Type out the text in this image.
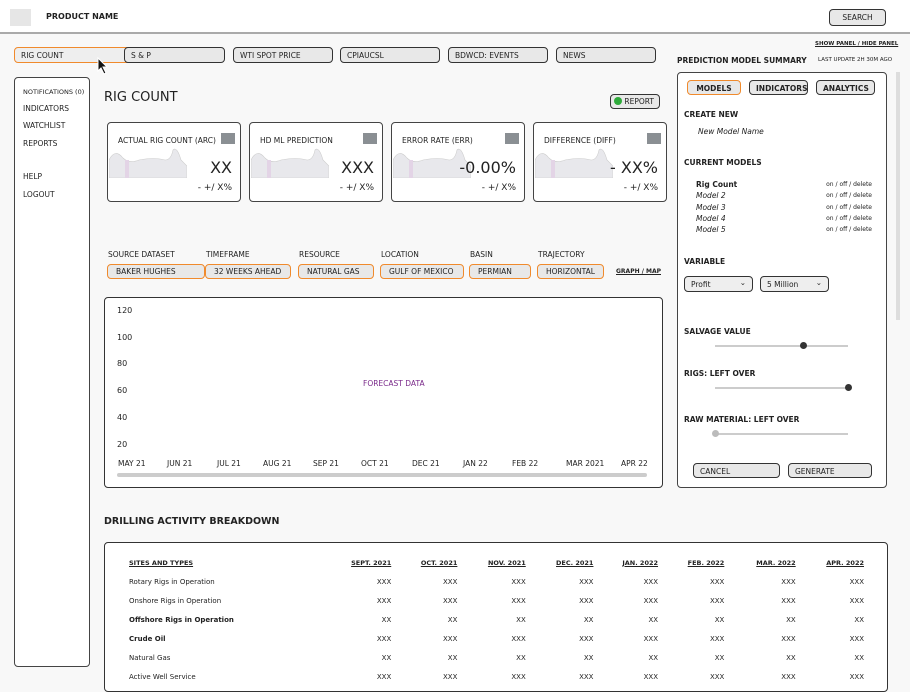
PRODUCT NAME	SEARCH
RIG COUNT	S & P	WTI SPOT PRICE	CPIAUCSL	BDWCD: EVENTS	NEWS
NOTIFICATIONS (0)
INDICATORS
WATCHLIST
REPORTS
HELP
LOGOUT
RIG COUNT	REPORT
ACTUAL RIG COUNT (ARC)
XX
- +/ X%
HD ML PREDICTION
XXX
- +/ X%
ERROR RATE (ERR)
-0.00%
- +/ X%
DIFFERENCE (DIFF)
- XX%
- +/ X%
SOURCE DATASET
BAKER HUGHES
TIMEFRAME
32 WEEKS AHEAD
RESOURCE
NATURAL GAS
LOCATION
GULF OF MEXICO
BASIN
PERMIAN
TRAJECTORY
HORIZONTAL	GRAPH / MAP
120
100
80
60
40
20
FORECAST DATA
MAY 21	JUN 21	JUL 21	AUG 21	SEP 21	OCT 21	DEC 21	JAN 22	FEB 22	MAR 2021 APR 22
SHOW PANEL / HIDE PANEL
PREDICTION MODEL SUMMARY LAST UPDATE 2H 30M AGO
MODELS	INDICATORS	ANALYTICS
CREATE NEW
New Model Name
CURRENT MODELS
Rig Count	on / off / delete
Model 2	on / off / delete
Model 3	on / off / delete
Model 4	on / off / delete
Model 5	on / off / delete
VARIABLE
Profit	⌄	5 Million ⌄
SALVAGE VALUE
RIGS: LEFT OVER
RAW MATERIAL: LEFT OVER
CANCEL	GENERATE
DRILLING ACTIVITY BREAKDOWN
SITES AND TYPES	SEPT. 2021	OCT. 2021	NOV. 2021	DEC. 2021	JAN. 2022	FEB. 2022	MAR. 2022	APR. 2022
Rotary Rigs in Operation	XXX	XXX	XXX	XXX	XXX	XXX	XXX	XXX
Onshore Rigs in Operation	XXX	XXX	XXX	XXX	XXX	XXX	XXX	XXX
Offshore Rigs in Operation	XX	XX	XX	XX	XX	XX	XX	XX
Crude Oil	XXX	XXX	XXX	XXX	XXX	XXX	XXX	XXX
Natural Gas	XX	XX	XX	XX	XX	XX	XX	XX
Active Well Service	XXX	XXX	XXX	XXX	XXX	XXX	XXX	XXX
